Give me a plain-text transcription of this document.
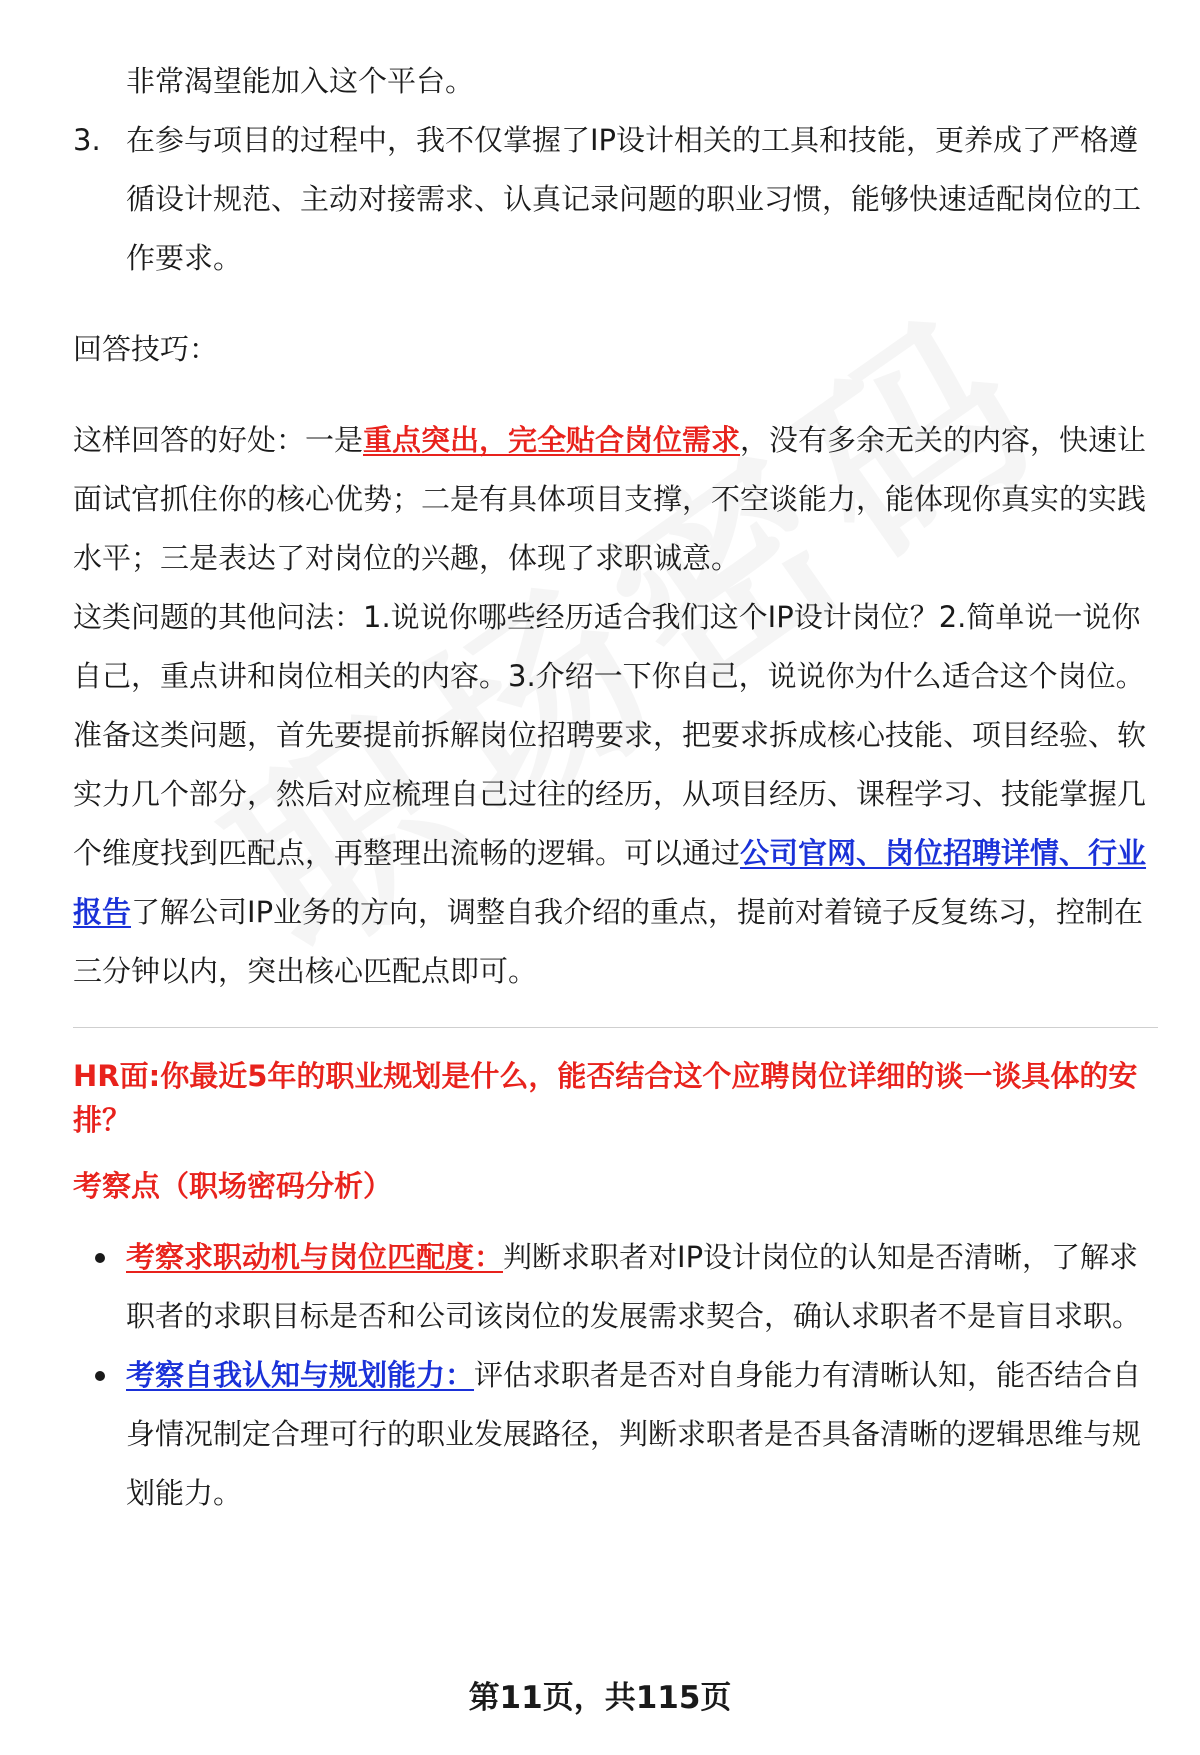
非常渴望能加入这个平台。

3. 在参与项目的过程中，我不仅掌握了IP设计相关的工具和技能，更养成了严格遵循设计规范、主动对接需求、认真记录问题的职业习惯，能够快速适配岗位的工作要求。

回答技巧：

这样回答的好处：一是重点突出，完全贴合岗位需求，没有多余无关的内容，快速让面试官抓住你的核心优势；二是有具体项目支撑，不空谈能力，能体现你真实的实践水平；三是表达了对岗位的兴趣，体现了求职诚意。

这类问题的其他问法：1.说说你哪些经历适合我们这个IP设计岗位？2.简单说一说你自己，重点讲和岗位相关的内容。3.介绍一下你自己，说说你为什么适合这个岗位。

准备这类问题，首先要提前拆解岗位招聘要求，把要求拆成核心技能、项目经验、软实力几个部分，然后对应梳理自己过往的经历，从项目经历、课程学习、技能掌握几个维度找到匹配点，再整理出流畅的逻辑。可以通过公司官网、岗位招聘详情、行业报告了解公司IP业务的方向，调整自我介绍的重点，提前对着镜子反复练习，控制在三分钟以内，突出核心匹配点即可。

HR面:你最近5年的职业规划是什么，能否结合这个应聘岗位详细的谈一谈具体的安排？

考察点（职场密码分析）

考察求职动机与岗位匹配度：判断求职者对IP设计岗位的认知是否清晰，了解求职者的求职目标是否和公司该岗位的发展需求契合，确认求职者不是盲目求职。

考察自我认知与规划能力：评估求职者是否对自身能力有清晰认知，能否结合自身情况制定合理可行的职业发展路径，判断求职者是否具备清晰的逻辑思维与规划能力。

第11页，共115页
